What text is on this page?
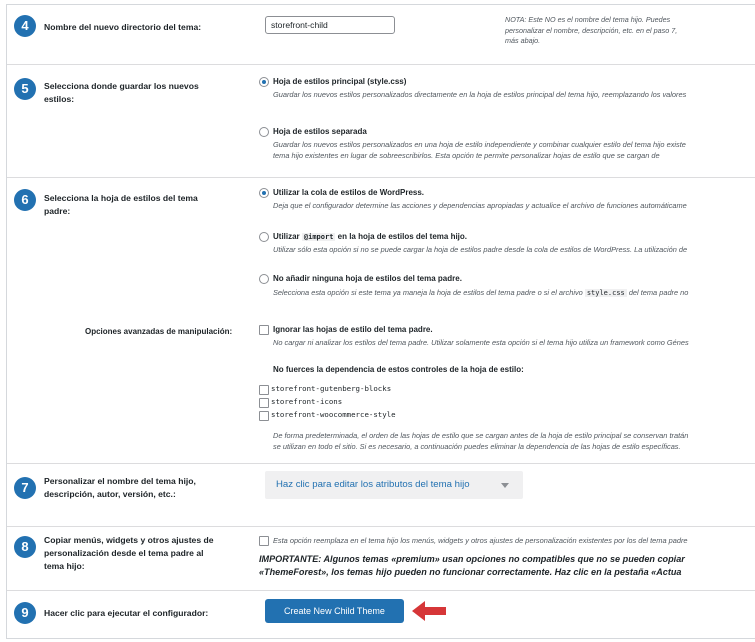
4	Nombre del nuevo directorio del tema:
storefront-child
NOTA: Este NO es el nombre del tema hijo. Puedes
personalizar el nombre, descripción, etc. en el paso 7,
más abajo.
5	Selecciona donde guardar los nuevos
estilos:
Hoja de estilos principal (style.css)
Guardar los nuevos estilos personalizados directamente en la hoja de estilos principal del tema hijo, reemplazando los valores
Hoja de estilos separada
Guardar los nuevos estilos personalizados en una hoja de estilo independiente y combinar cualquier estilo del tema hijo existe
tema hijo existentes en lugar de sobreescribirlos. Esta opción te permite personalizar hojas de estilo que se cargan de
6	Selecciona la hoja de estilos del tema
padre:
Utilizar la cola de estilos de WordPress.
Deja que el configurador determine las acciones y dependencias apropiadas y actualice el archivo de funciones automáticame
Utilizar @import en la hoja de estilos del tema hijo.
Utilizar sólo esta opción si no se puede cargar la hoja de estilos padre desde la cola de estilos de WordPress. La utilización de
No añadir ninguna hoja de estilos del tema padre.
Selecciona esta opción si este tema ya maneja la hoja de estilos del tema padre o si el archivo style.css del tema padre no
Opciones avanzadas de manipulación:	Ignorar las hojas de estilo del tema padre.
No cargar ni analizar los estilos del tema padre. Utilizar solamente esta opción si el tema hijo utiliza un framework como Génes
No fuerces la dependencia de estos controles de la hoja de estilo:
storefront-gutenberg-blocks
storefront-icons
storefront-woocommerce-style
De forma predeterminada, el orden de las hojas de estilo que se cargan antes de la hoja de estilo principal se conservan tratán
se utilizan en todo el sitio. Si es necesario, a continuación puedes eliminar la dependencia de las hojas de estilo específicas.
7	Personalizar el nombre del tema hijo,
descripción, autor, versión, etc.:
Haz clic para editar los atributos del tema hijo
8	Copiar menús, widgets y otros ajustes de
personalización desde el tema padre al
tema hijo:
Esta opción reemplaza en el tema hijo los menús, widgets y otros ajustes de personalización existentes por los del tema padre
IMPORTANTE: Algunos temas «premium» usan opciones no compatibles que no se pueden copiar
«ThemeForest», los temas hijo pueden no funcionar correctamente. Haz clic en la pestaña «Actua
9	Hacer clic para ejecutar el configurador:	Create New Child Theme
